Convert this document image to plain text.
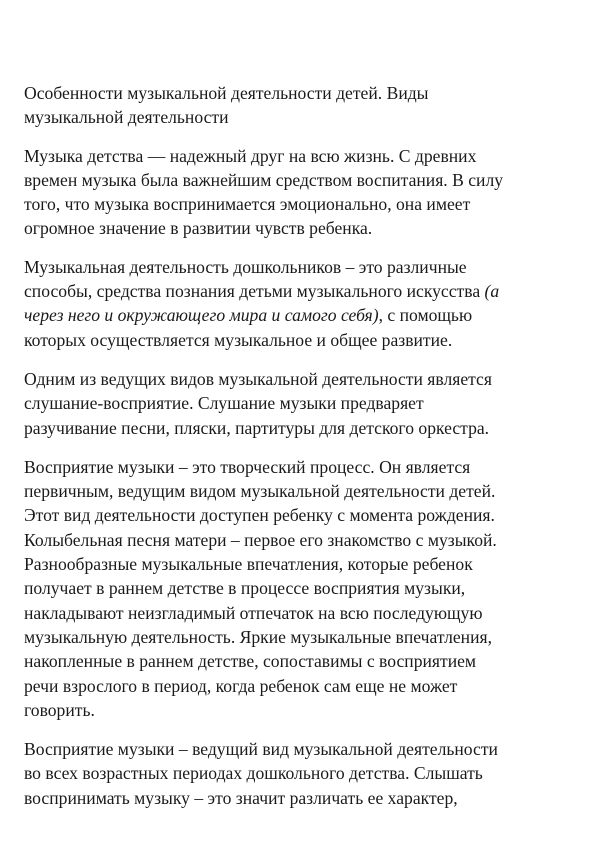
Особенности музыкальной деятельности детей. Виды
музыкальной деятельности

Музыка детства — надежный друг на всю жизнь. С древних
времен музыка была важнейшим средством воспитания. В силу
того, что музыка воспринимается эмоционально, она имеет
огромное значение в развитии чувств ребенка.

Музыкальная деятельность дошкольников – это различные
способы, средства познания детьми музыкального искусства (а
через него и окружающего мира и самого себя), с помощью
которых осуществляется музыкальное и общее развитие.

Одним из ведущих видов музыкальной деятельности является
слушание-восприятие. Слушание музыки предваряет
разучивание песни, пляски, партитуры для детского оркестра.

Восприятие музыки – это творческий процесс. Он является
первичным, ведущим видом музыкальной деятельности детей.
Этот вид деятельности доступен ребенку с момента рождения.
Колыбельная песня матери – первое его знакомство с музыкой.
Разнообразные музыкальные впечатления, которые ребенок
получает в раннем детстве в процессе восприятия музыки,
накладывают неизгладимый отпечаток на всю последующую
музыкальную деятельность. Яркие музыкальные впечатления,
накопленные в раннем детстве, сопоставимы с восприятием
речи взрослого в период, когда ребенок сам еще не может
говорить.

Восприятие музыки – ведущий вид музыкальной деятельности
во всех возрастных периодах дошкольного детства. Слышать
воспринимать музыку – это значит различать ее характер,
